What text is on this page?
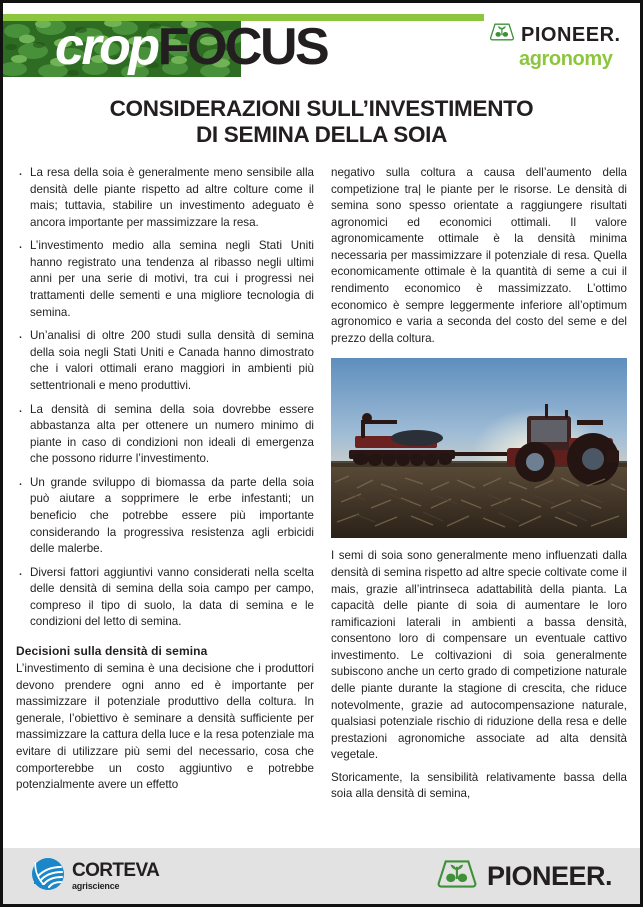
cropFOCUS	PIONEER.
agronomy
CONSIDERAZIONI SULL’INVESTIMENTO
DI SEMINA DELLA SOIA
· La resa della soia è generalmente meno sensibile alla densità delle piante rispetto ad altre colture come il mais; tuttavia, stabilire un investimento adeguato è ancora importante per massimizzare la resa.
· L’investimento medio alla semina negli Stati Uniti hanno registrato una tendenza al ribasso negli ultimi anni per una serie di motivi, tra cui i progressi nei trattamenti delle sementi e una migliore tecnologia di semina.
· Un’analisi di oltre 200 studi sulla densità di semina della soia negli Stati Uniti e Canada hanno dimostrato che i valori ottimali erano maggiori in ambienti più settentrionali e meno produttivi.
· La densità di semina della soia dovrebbe essere abbastanza alta per ottenere un numero minimo di piante in caso di condizioni non ideali di emergenza che possono ridurre l’investimento.
· Un grande sviluppo di biomassa da parte della soia può aiutare a sopprimere le erbe infestanti; un beneficio che potrebbe essere più importante considerando la progressiva resistenza agli erbicidi delle malerbe.
· Diversi fattori aggiuntivi vanno considerati nella scelta delle densità di semina della soia campo per campo, compreso il tipo di suolo, la data di semina e le condizioni del letto di semina.
Decisioni sulla densità di semina

L’investimento di semina è una decisione che i produttori devono prendere ogni anno ed è importante per massimizzare il potenziale produttivo della coltura. In generale, l’obiettivo è seminare a densità sufficiente per massimizzare la cattura della luce e la resa potenziale ma evitare di utilizzare più semi del necessario, cosa che comporterebbe un costo aggiuntivo e potrebbe potenzialmente avere un effetto

negativo sulla coltura a causa dell’aumento della competizione tra| le piante per le risorse. Le densità di semina sono spesso orientate a raggiungere risultati agronomici ed economici ottimali. Il valore agronomicamente ottimale è la densità minima necessaria per massimizzare il potenziale di resa. Quella economicamente ottimale è la quantità di seme a cui il rendimento economico è massimizzato. L’ottimo economico è sempre leggermente inferiore all’optimum agronomico e varia a seconda del costo del seme e del prezzo della coltura.

I semi di soia sono generalmente meno influenzati dalla densità di semina rispetto ad altre specie coltivate come il mais, grazie all’intrinseca adattabilità della pianta. La capacità delle piante di soia di aumentare le loro ramificazioni laterali in ambienti a bassa densità, consentono loro di compensare un eventuale cattivo investimento. Le coltivazioni di soia generalmente subiscono anche un certo grado di competizione naturale delle piante durante la stagione di crescita, che riduce notevolmente, grazie ad autocompensazione naturale, qualsiasi potenziale rischio di riduzione della resa e delle prestazioni agronomiche associate ad alta densità vegetale.

Storicamente, la sensibilità relativamente bassa della soia alla densità di semina,

CORTEVA
agriscience	PIONEER.
